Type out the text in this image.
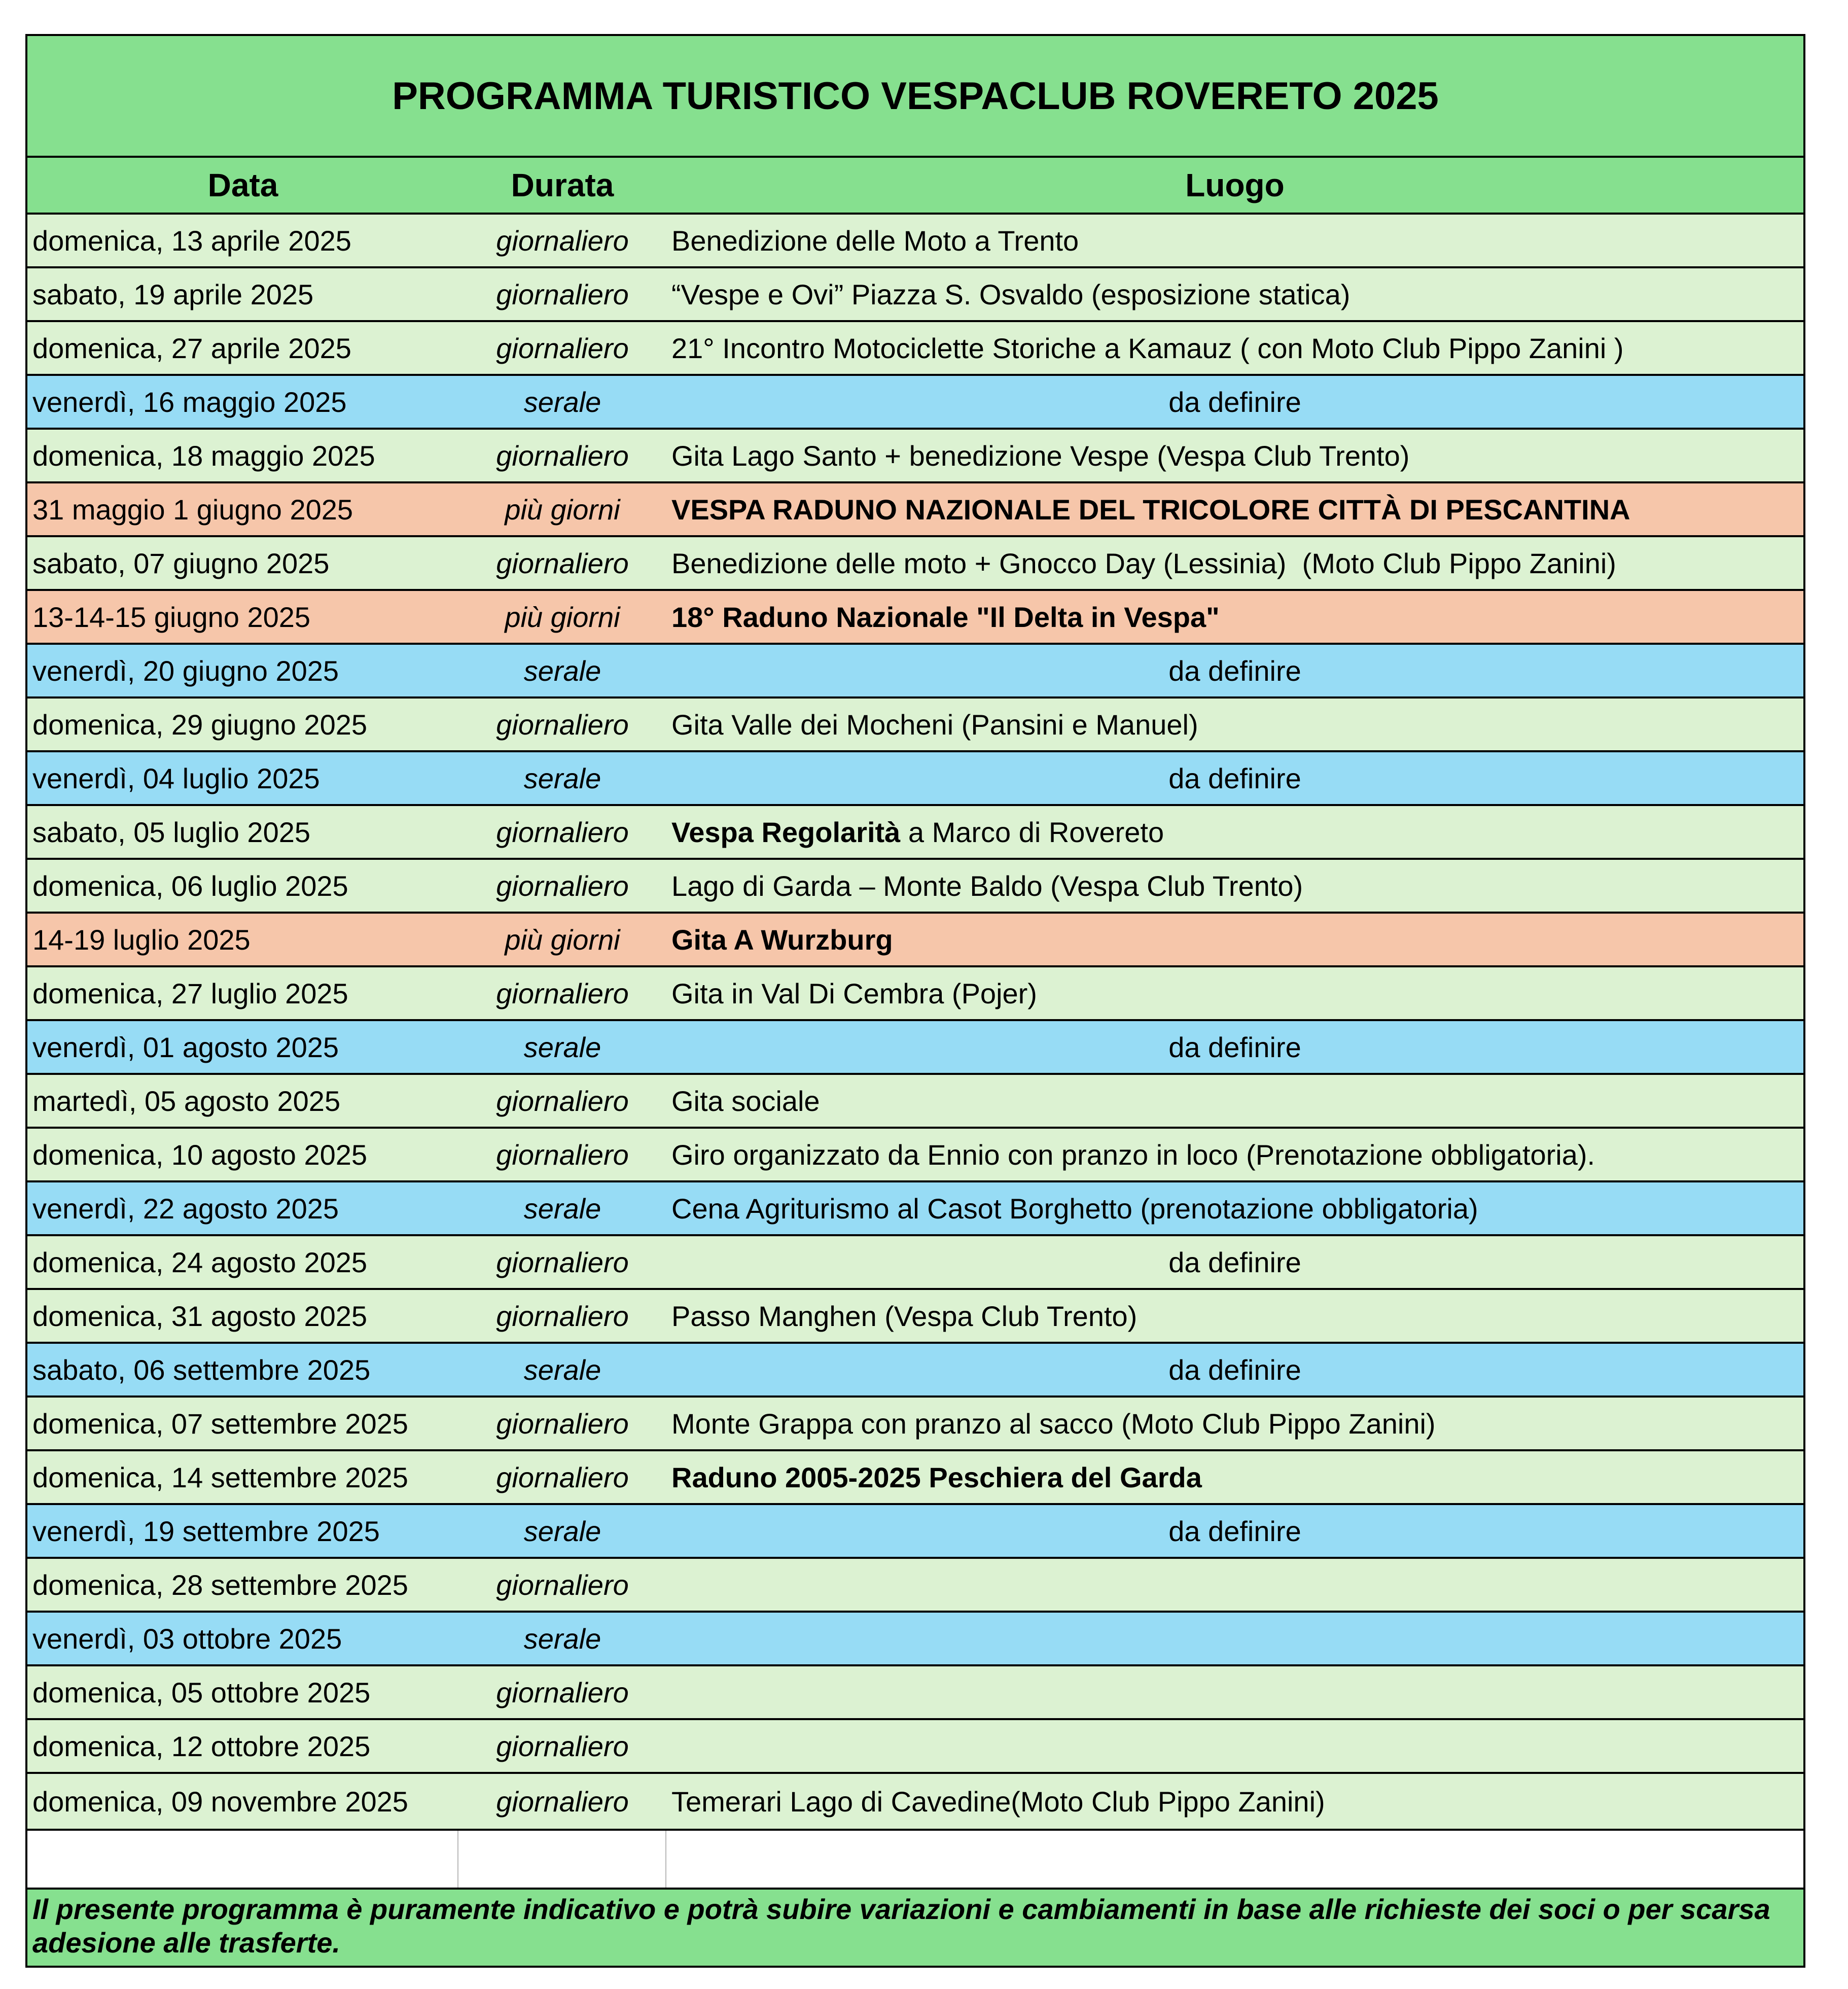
PROGRAMMA TURISTICO VESPACLUB ROVERETO 2025
Data	Durata	Luogo
domenica, 13 aprile 2025	giornaliero	Benedizione delle Moto a Trento
sabato, 19 aprile 2025	giornaliero	“Vespe e Ovi” Piazza S. Osvaldo (esposizione statica)
domenica, 27 aprile 2025	giornaliero	21° Incontro Motociclette Storiche a Kamauz ( con Moto Club Pippo Zanini )
venerdì, 16 maggio 2025	serale	da definire
domenica, 18 maggio 2025	giornaliero	Gita Lago Santo + benedizione Vespe (Vespa Club Trento)
31 maggio 1 giugno 2025	più giorni	VESPA RADUNO NAZIONALE DEL TRICOLORE CITTÀ DI PESCANTINA
sabato, 07 giugno 2025	giornaliero	Benedizione delle moto + Gnocco Day (Lessinia)  (Moto Club Pippo Zanini)
13-14-15 giugno 2025	più giorni	18° Raduno Nazionale "Il Delta in Vespa"
venerdì, 20 giugno 2025	serale	da definire
domenica, 29 giugno 2025	giornaliero	Gita Valle dei Mocheni (Pansini e Manuel)
venerdì, 04 luglio 2025	serale	da definire
sabato, 05 luglio 2025	giornaliero	Vespa Regolarità a Marco di Rovereto
domenica, 06 luglio 2025	giornaliero	Lago di Garda – Monte Baldo (Vespa Club Trento)
14-19 luglio 2025	più giorni	Gita A Wurzburg
domenica, 27 luglio 2025	giornaliero	Gita in Val Di Cembra (Pojer)
venerdì, 01 agosto 2025	serale	da definire
martedì, 05 agosto 2025	giornaliero	Gita sociale
domenica, 10 agosto 2025	giornaliero	Giro organizzato da Ennio con pranzo in loco (Prenotazione obbligatoria).
venerdì, 22 agosto 2025	serale	Cena Agriturismo al Casot Borghetto (prenotazione obbligatoria)
domenica, 24 agosto 2025	giornaliero	da definire
domenica, 31 agosto 2025	giornaliero	Passo Manghen (Vespa Club Trento)
sabato, 06 settembre 2025	serale	da definire
domenica, 07 settembre 2025	giornaliero	Monte Grappa con pranzo al sacco (Moto Club Pippo Zanini)
domenica, 14 settembre 2025	giornaliero	Raduno 2005-2025 Peschiera del Garda
venerdì, 19 settembre 2025	serale	da definire
domenica, 28 settembre 2025	giornaliero
venerdì, 03 ottobre 2025	serale
domenica, 05 ottobre 2025	giornaliero
domenica, 12 ottobre 2025	giornaliero
domenica, 09 novembre 2025	giornaliero	Temerari Lago di Cavedine(Moto Club Pippo Zanini)
Il presente programma è puramente indicativo e potrà subire variazioni e cambiamenti in base alle richieste dei soci o per scarsa adesione alle trasferte.
